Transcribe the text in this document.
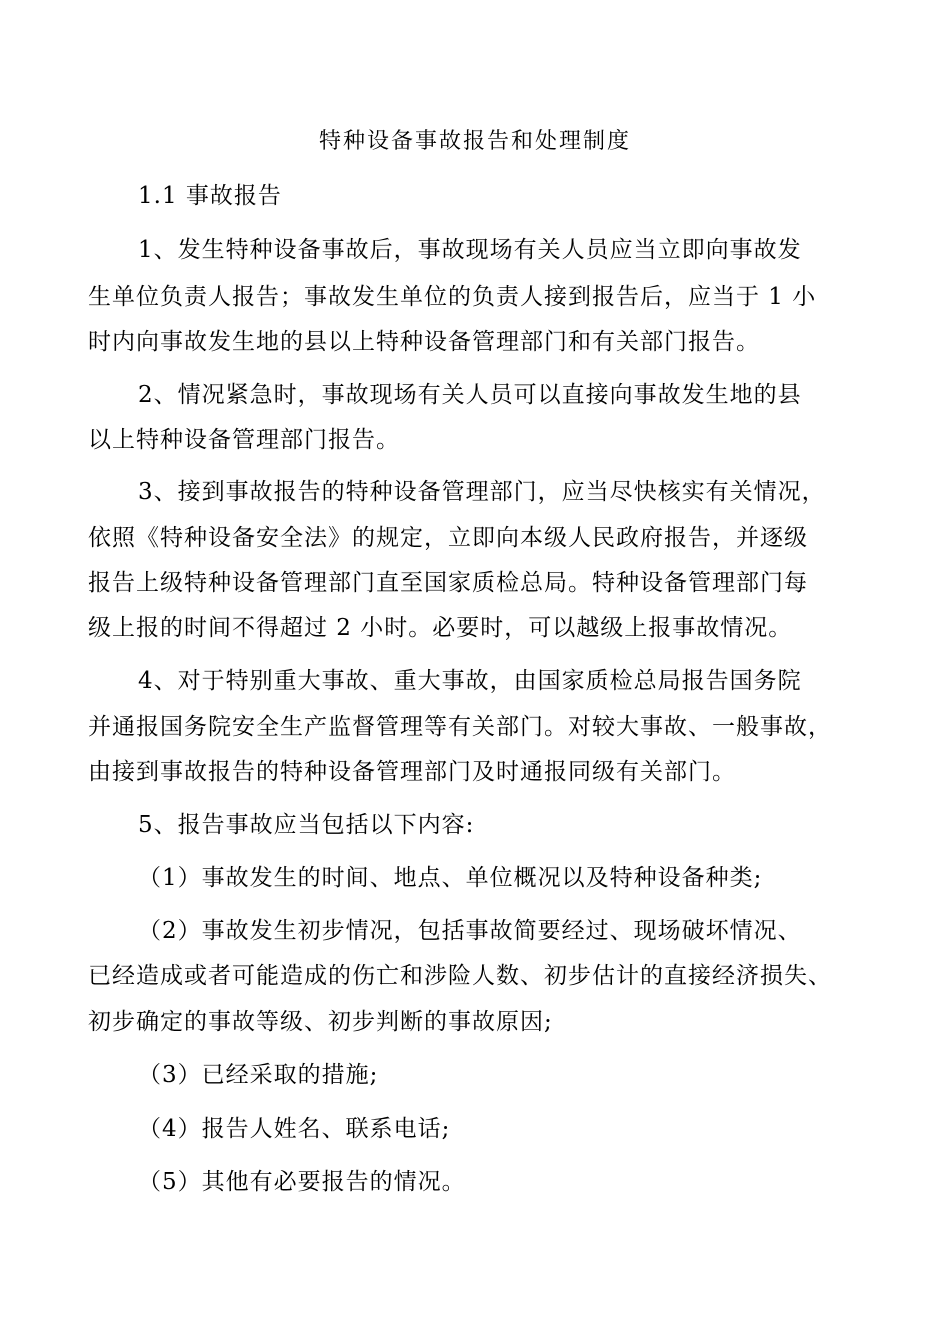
特种设备事故报告和处理制度
1.1 事故报告
1、发生特种设备事故后，事故现场有关人员应当立即向事故发
生单位负责人报告；事故发生单位的负责人接到报告后，应当于 1 小
时内向事故发生地的县以上特种设备管理部门和有关部门报告。
2、情况紧急时，事故现场有关人员可以直接向事故发生地的县
以上特种设备管理部门报告。
3、接到事故报告的特种设备管理部门，应当尽快核实有关情况，
依照《特种设备安全法》的规定，立即向本级人民政府报告，并逐级
报告上级特种设备管理部门直至国家质检总局。特种设备管理部门每
级上报的时间不得超过 2 小时。必要时，可以越级上报事故情况。
4、对于特别重大事故、重大事故，由国家质检总局报告国务院
并通报国务院安全生产监督管理等有关部门。对较大事故、一般事故，
由接到事故报告的特种设备管理部门及时通报同级有关部门。
5、报告事故应当包括以下内容:
（1）事故发生的时间、地点、单位概况以及特种设备种类;
（2）事故发生初步情况，包括事故简要经过、现场破坏情况、
已经造成或者可能造成的伤亡和涉险人数、初步估计的直接经济损失、
初步确定的事故等级、初步判断的事故原因;
（3）已经采取的措施;
（4）报告人姓名、联系电话;
（5）其他有必要报告的情况。
